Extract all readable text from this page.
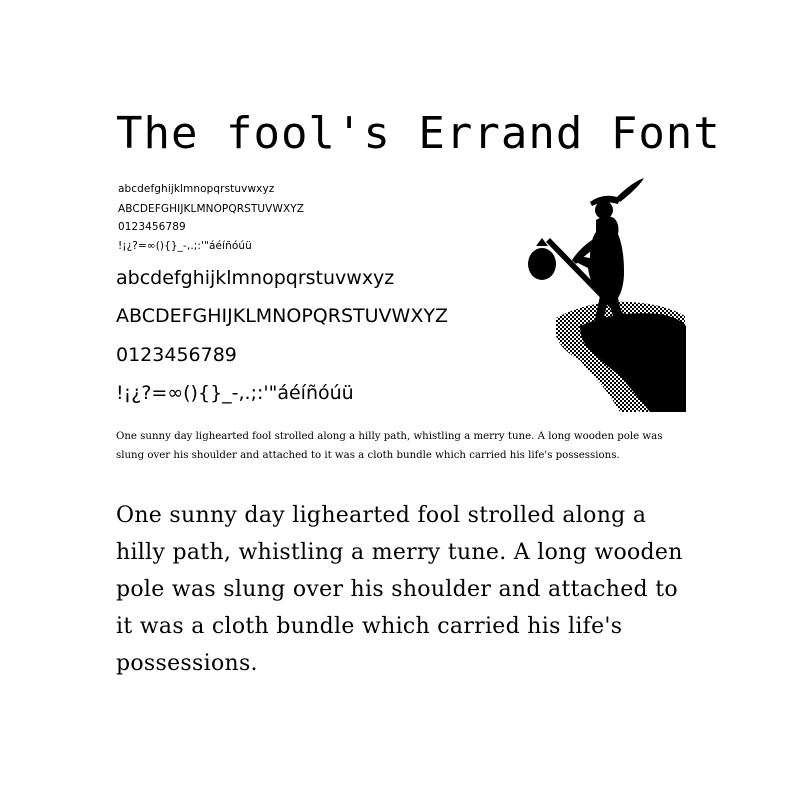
The fool's Errand Font
abcdefghijklmnopqrstuvwxyz
ABCDEFGHIJKLMNOPQRSTUVWXYZ
0123456789
!¡¿?=∞(){}_-,.;:'"áéíñóúü
abcdefghijklmnopqrstuvwxyz
ABCDEFGHIJKLMNOPQRSTUVWXYZ
0123456789
!¡¿?=∞(){}_-,.;:'"áéíñóúü
One sunny day lighearted fool strolled along a hilly path, whistling a merry tune. A long wooden pole was slung over his shoulder and attached to it was a cloth bundle which carried his life's possessions.
One sunny day lighearted fool strolled along a hilly path, whistling a merry tune. A long wooden pole was slung over his shoulder and attached to it was a cloth bundle which carried his life's possessions.
